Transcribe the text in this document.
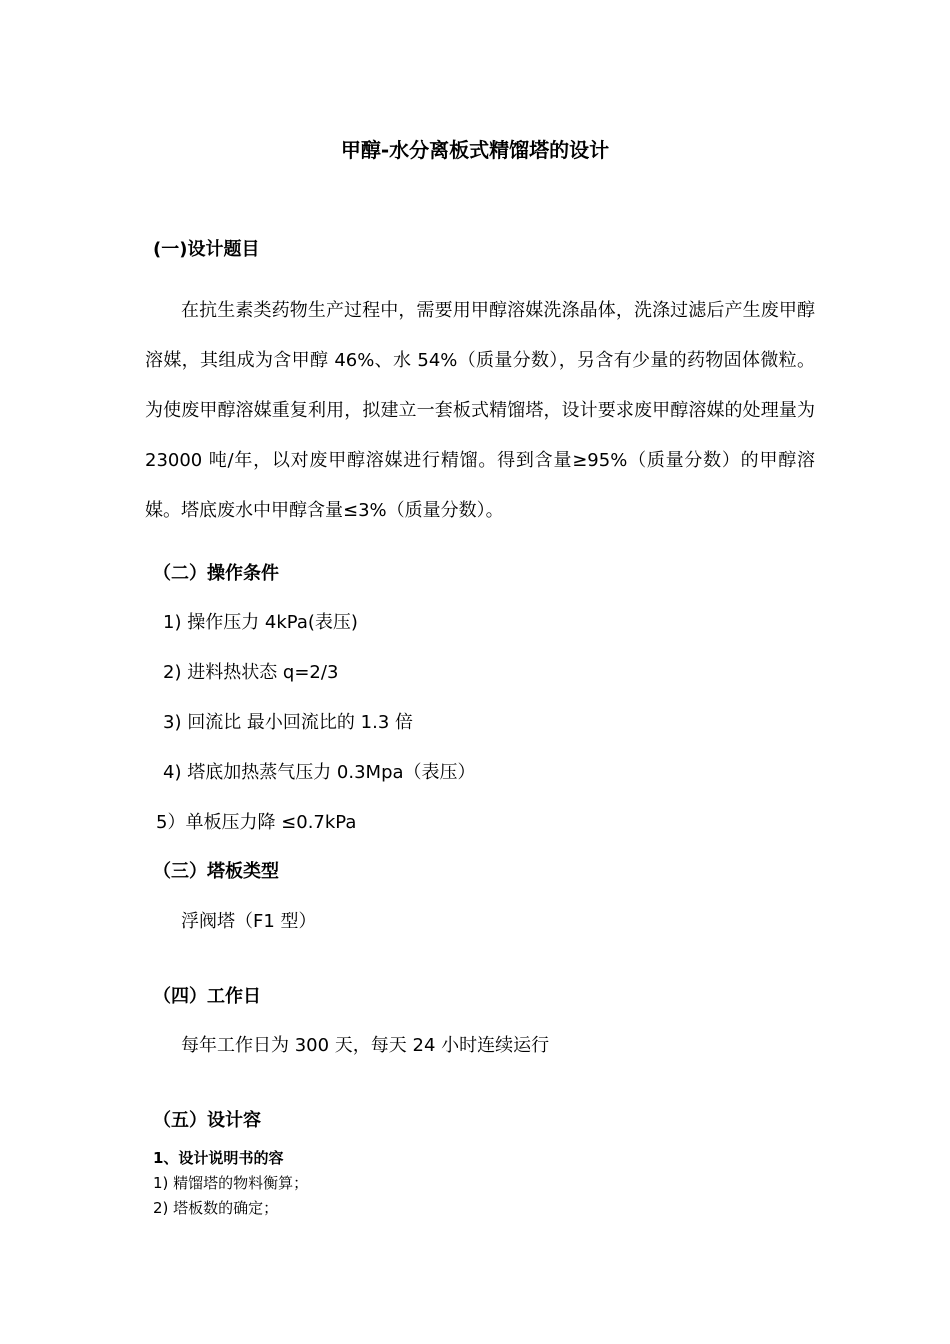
甲醇-水分离板式精馏塔的设计
(一)设计题目
在抗生素类药物生产过程中，需要用甲醇溶媒洗涤晶体，洗涤过滤后产生废甲醇溶媒，其组成为含甲醇 46%、水 54%（质量分数），另含有少量的药物固体微粒。为使废甲醇溶媒重复利用，拟建立一套板式精馏塔，设计要求废甲醇溶媒的处理量为 23000 吨/年，以对废甲醇溶媒进行精馏。得到含量≥95%（质量分数）的甲醇溶媒。塔底废水中甲醇含量≤3%（质量分数）。
（二）操作条件
1) 操作压力 4kPa(表压)
2) 进料热状态 q=2/3
3) 回流比 最小回流比的 1.3 倍
4) 塔底加热蒸气压力 0.3Mpa（表压）
5）单板压力降 ≤0.7kPa
（三）塔板类型
浮阀塔（F1 型）
（四）工作日
每年工作日为 300 天，每天 24 小时连续运行
（五）设计容
1、设计说明书的容
1) 精馏塔的物料衡算；
2) 塔板数的确定；
